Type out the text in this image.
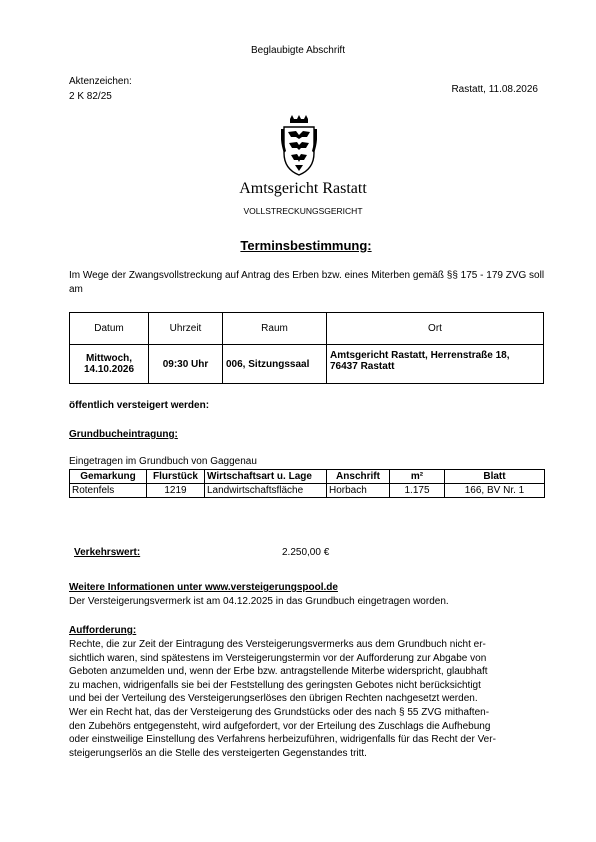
Beglaubigte Abschrift
Aktenzeichen:
2 K 82/25
Rastatt, 11.08.2026
Amtsgericht Rastatt
VOLLSTRECKUNGSGERICHT
Terminsbestimmung:
Im Wege der Zwangsvollstreckung auf Antrag des Erben bzw. eines Miterben gemäß §§ 175 - 179 ZVG soll am
Datum	Uhrzeit	Raum	Ort
Mittwoch, 14.10.2026	09:30 Uhr	006, Sitzungssaal	Amtsgericht Rastatt, Herrenstraße 18, 76437 Rastatt
öffentlich versteigert werden:
Grundbucheintragung:
Eingetragen im Grundbuch von Gaggenau
Gemarkung	Flurstück	Wirtschaftsart u. Lage	Anschrift	m²	Blatt
Rotenfels	1219	Landwirtschaftsfläche	Horbach	1.175	166, BV Nr. 1
Verkehrswert:	2.250,00 €
Weitere Informationen unter www.versteigerungspool.de
Der Versteigerungsvermerk ist am 04.12.2025 in das Grundbuch eingetragen worden.
Aufforderung:
Rechte, die zur Zeit der Eintragung des Versteigerungsvermerks aus dem Grundbuch nicht er-
sichtlich waren, sind spätestens im Versteigerungstermin vor der Aufforderung zur Abgabe von
Geboten anzumelden und, wenn der Erbe bzw. antragstellende Miterbe widerspricht, glaubhaft
zu machen, widrigenfalls sie bei der Feststellung des geringsten Gebotes nicht berücksichtigt
und bei der Verteilung des Versteigerungserlöses den übrigen Rechten nachgesetzt werden.
Wer ein Recht hat, das der Versteigerung des Grundstücks oder des nach § 55 ZVG mithaften-
den Zubehörs entgegensteht, wird aufgefordert, vor der Erteilung des Zuschlags die Aufhebung
oder einstweilige Einstellung des Verfahrens herbeizuführen, widrigenfalls für das Recht der Ver-
steigerungserlös an die Stelle des versteigerten Gegenstandes tritt.
